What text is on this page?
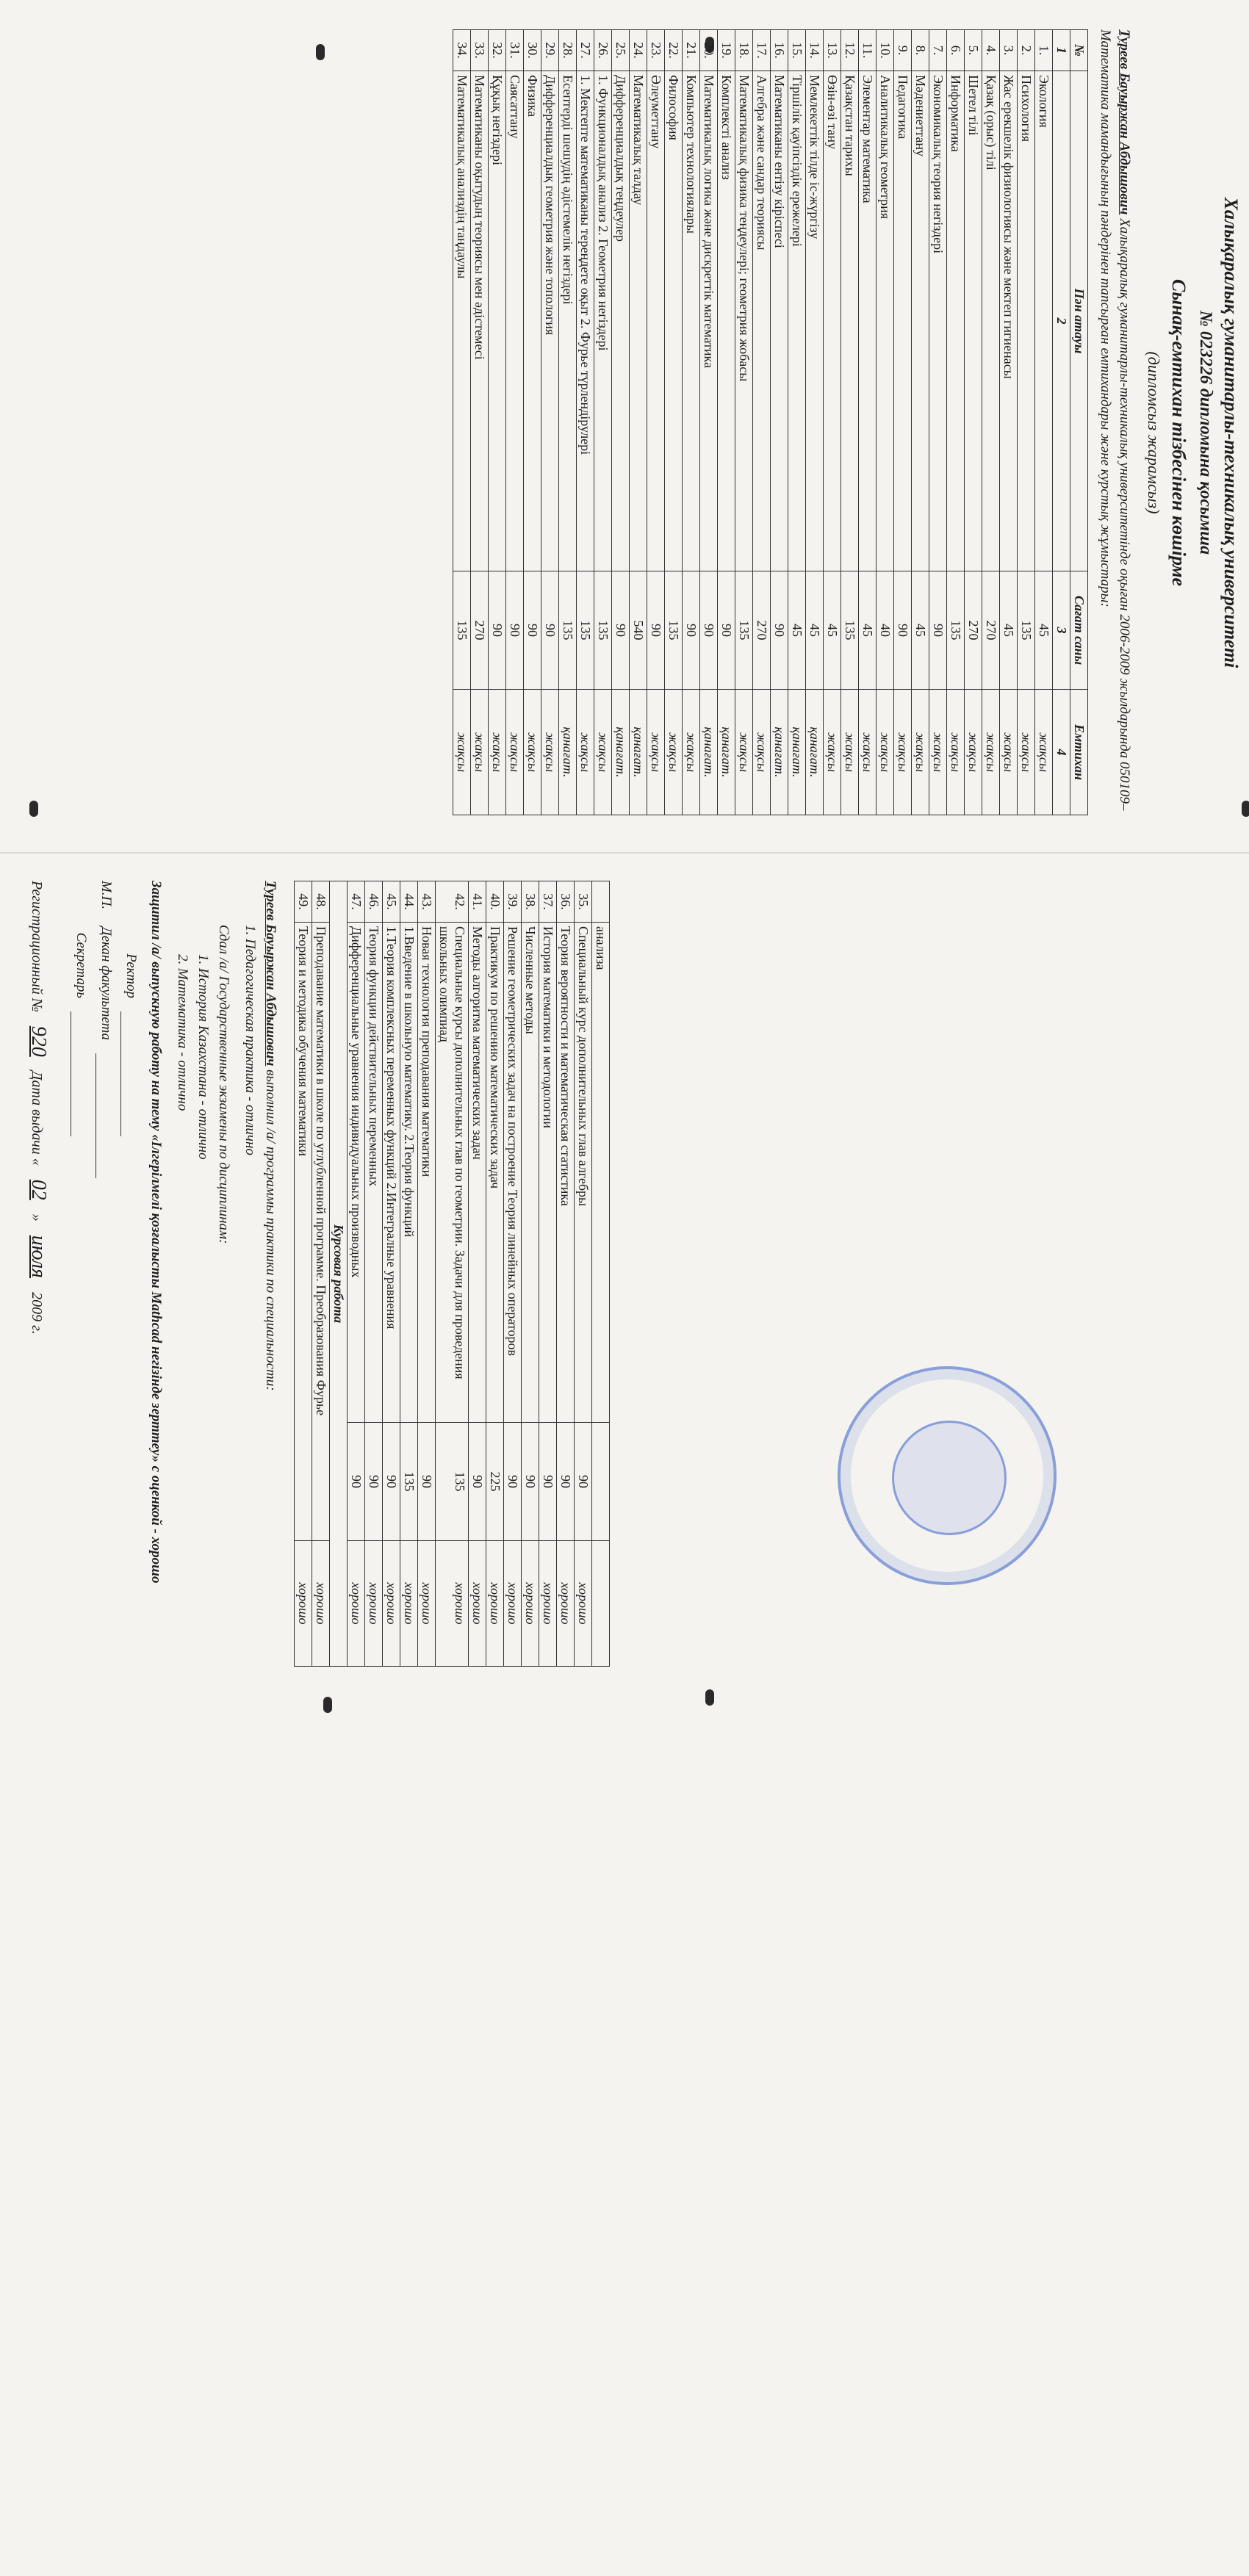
Халықаралық гуманитарлы-техникалық университеті
№ 023226 дипломына қосымша
Сынақ-емтихан тізбесінен көшірме
(дипломсыз жарамсыз)
Туреев Бауыржан Абдышович Халықаралық гуманитарлы-техникалық университетінде оқыған 2006-2009 жылдарында 050109–Математика мамандығының пәндерінен тапсырған емтихандары және курстық жұмыстары:
№	Пән атауы	Сағат саны	Емтихан
1	2	3	4
1.	Экология	45	жақсы
2.	Психология	135	жақсы
3.	Жас ерекшелік физиологиясы және мектеп гигиенасы	45	жақсы
4.	Қазақ (орыс) тілі	270	жақсы
5.	Шетел тілі	270	жақсы
6.	Информатика	135	жақсы
7.	Экономикалық теория негіздері	90	жақсы
8.	Мәдениеттану	45	жақсы
9.	Педагогика	90	жақсы
10.	Аналитикалық геометрия	40	жақсы
11.	Элементар математика	45	жақсы
12.	Қазақстан тарихы	135	жақсы
13.	Өзін-өзі тану	45	жақсы
14.	Мемлекеттік тілде іс-жүргізу	45	қанағат.
15.	Тіршілік қауіпсіздік ережелері	45	қанағат.
16.	Математиканы ентізу кіріспесі	90	қанағат.
17.	Алгебра және сандар теориясы	270	жақсы
18.	Математикалық физика теңдеулері; геометрия жобасы	135	жақсы
19.	Комплексті анализ	90	қанағат.
20.	Математикалық логика және дискреттік математика	90	қанағат.
21.	Компьютер технологиялары	90	жақсы
22.	Философия	135	жақсы
23.	Әлеуметтану	90	жақсы
24.	Математикалық талдау	540	қанағат.
25.	Дифференциалдық теңдеулер	90	қанағат.
26.	1. Функционалдық анализ 2. Геометрия негіздері	135	жақсы
27.	1. Мектепте математиканы тереңдете оқыт 2. Фурье түрлендірулері	135	жақсы
28.	Есептерді шешудің әдістемелік негіздері	135	қанағат.
29.	Дифференциалдық геометрия және топология	90	жақсы
30.	Физика	90	жақсы
31.	Саясаттану	90	жақсы
32.	Құқық негіздері	90	жақсы
33.	Математиканы оқытудың теориясы мен әдістемесі	270	жақсы
34.	Математикалық анализдің таңдаулы	135	жақсы
	анализа		
35.	Специальный курс дополнительных глав алгебры	90	хорошо
36.	Теория вероятности и математическая статистика	90	хорошо
37.	История математики и методологии	90	хорошо
38.	Численные методы	90	хорошо
39.	Решение геометрических задач на построение Теория линейных операторов	90	хорошо
40.	Практикум по решению математических задач	225	хорошо
41.	Методы алгоритма математических задач	90	хорошо
42.	Специальные курсы дополнительных глав по геометрии. Задачи для проведения школьных олимпиад	135	хорошо
43.	Новая технология преподавания математики	90	хорошо
44.	1.Введение в школьную математику. 2.Теория функций	135	хорошо
45.	1.Теория комплексных переменных функций 2.Интегралные уравнения	90	хорошо
46.	Теория функции действительных переменных	90	хорошо
47.	Дифференциальные уравнения индивидуальных производных	90	хорошо
Курсовая работа			
48.	Преподавание математики в школе по углубленной программе. Преобразования Фурье		хорошо
49.	Теория и методика обучения математики		хорошо
Туреев Бауыржан Абдышович выполнил /а/ программы практики по специальности:
1. Педагогическая практика - отлично
Сдал /а/ Государственные экзамены по дисциплинам:
1. История Казахстана - отлично
2. Математика - отлично
Защитил /а/ выпускную работу на тему «Ілгерілмелі қозғалысты Mathcad негізінде зерттеу» с оценкой - хорошо
Ректор
М.П.
Декан факультета
Секретарь
Регистрационный № 920 Дата выдачи « 02 » июля 2009 г.
